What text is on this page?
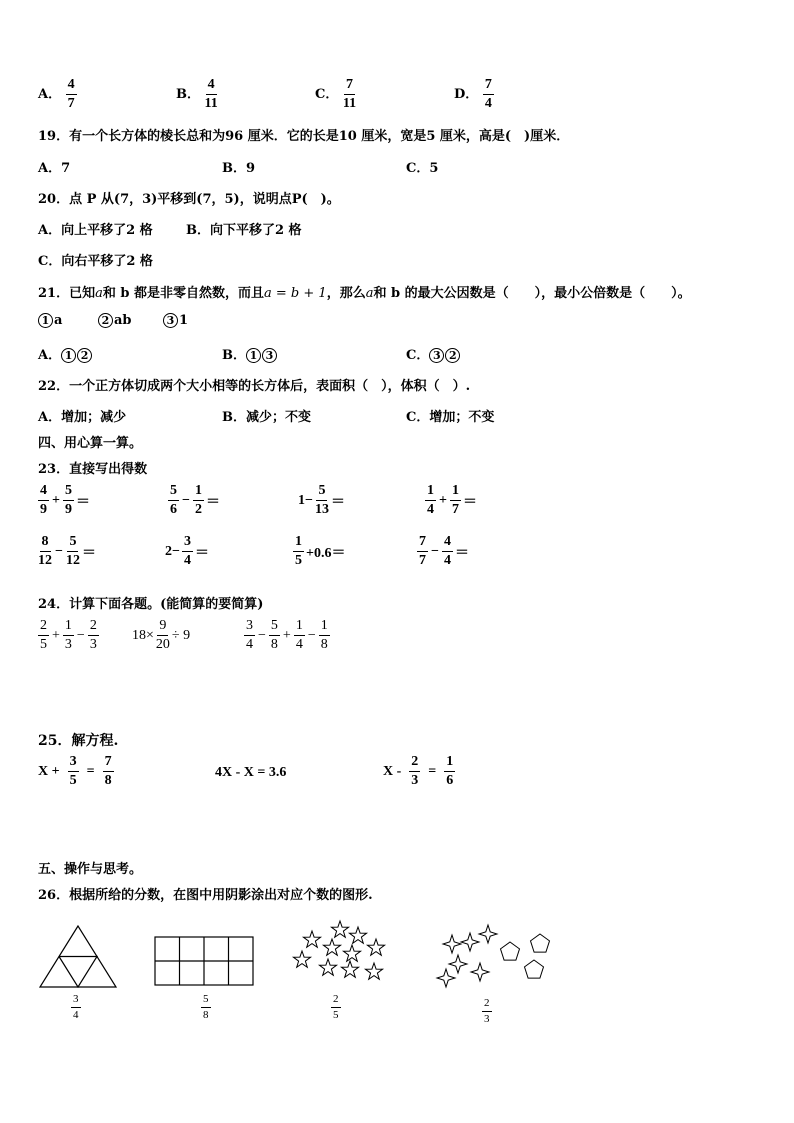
A． $\frac{4}{7}$	B． $\frac{4}{11}$	C． $\frac{7}{11}$	D． $\frac{7}{4}$
19．有一个长方体的棱长总和为96 厘米．它的长是10 厘米，宽是5 厘米，高是(　)厘米．
A．7	B．9	C．5
20．点 P 从(7，3)平移到(7，5)，说明点P(　)。
A．向上平移了2 格	B．向下平移了2 格
C．向右平移了2 格
21．已知a和 b 都是非零自然数，而且a = b + 1，那么a和 b 的最大公因数是（　　），最小公倍数是（　　）。
1 a	2 ab	3 1
A． 1 2	B． 1 3	C． 3 2
22．一个正方体切成两个大小相等的长方体后，表面积（　），体积（　）.
A．增加；减少	B．减少；不变	C．增加；不变
四、用心算一算。
23．直接写出得数
$\frac{4}{9} + \frac{5}{9}$ ＝	$\frac{5}{6} - \frac{1}{2}$ ＝	$1- \frac{5}{13}$ ＝	$\frac{1}{4} + \frac{1}{7}$ ＝
$\frac{8}{12} - \frac{5}{12}$ ＝	$2- \frac{3}{4}$ ＝	$\frac{1}{5} +0.6=$	$\frac{7}{7} - \frac{4}{4}$ ＝
24．计算下面各题。(能简算的要简算)
$\frac{2}{5} + \frac{1}{3} - \frac{2}{3} 18\times \frac{9}{20} \div 9$	$\frac{3}{4} - \frac{5}{8} + \frac{1}{4} - \frac{1}{8}$
25．解方程.
$X + \frac{3}{5} = \frac{7}{8}$	4X - X = 3.6	$X - \frac{2}{3} = \frac{1}{6}$
五、操作与思考。
26．根据所给的分数，在图中用阴影涂出对应个数的图形.
$\frac{3}{4}$	$\frac{5}{8}$	$\frac{2}{5}$	$\frac{2}{3}$
